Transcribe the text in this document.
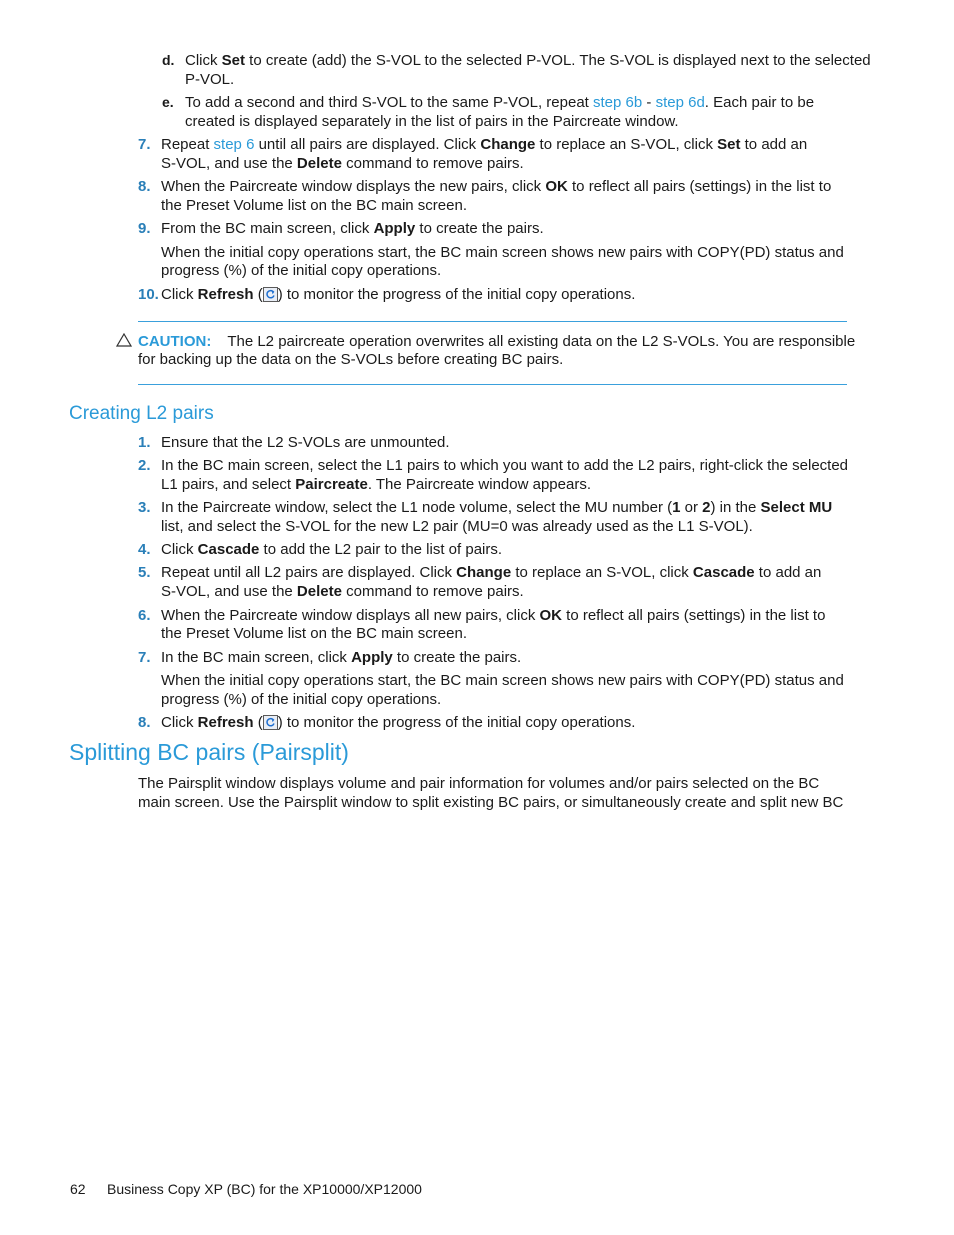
d. Click Set to create (add) the S-VOL to the selected P-VOL. The S-VOL is displayed next to the selected
P-VOL.
e. To add a second and third S-VOL to the same P-VOL, repeat step 6b - step 6d. Each pair to be
created is displayed separately in the list of pairs in the Paircreate window.
7. Repeat step 6 until all pairs are displayed. Click Change to replace an S-VOL, click Set to add an
S-VOL, and use the Delete command to remove pairs.
8. When the Paircreate window displays the new pairs, click OK to reflect all pairs (settings) in the list to
the Preset Volume list on the BC main screen.
9. From the BC main screen, click Apply to create the pairs.
When the initial copy operations start, the BC main screen shows new pairs with COPY(PD) status and
progress (%) of the initial copy operations.
10. Click Refresh ( ) to monitor the progress of the initial copy operations.
CAUTION: The L2 paircreate operation overwrites all existing data on the L2 S-VOLs. You are responsible
for backing up the data on the S-VOLs before creating BC pairs.
Creating L2 pairs
1. Ensure that the L2 S-VOLs are unmounted.
2. In the BC main screen, select the L1 pairs to which you want to add the L2 pairs, right-click the selected
L1 pairs, and select Paircreate. The Paircreate window appears.
3. In the Paircreate window, select the L1 node volume, select the MU number (1 or 2) in the Select MU
list, and select the S-VOL for the new L2 pair (MU=0 was already used as the L1 S-VOL).
4. Click Cascade to add the L2 pair to the list of pairs.
5. Repeat until all L2 pairs are displayed. Click Change to replace an S-VOL, click Cascade to add an
S-VOL, and use the Delete command to remove pairs.
6. When the Paircreate window displays all new pairs, click OK to reflect all pairs (settings) in the list to
the Preset Volume list on the BC main screen.
7. In the BC main screen, click Apply to create the pairs.
When the initial copy operations start, the BC main screen shows new pairs with COPY(PD) status and
progress (%) of the initial copy operations.
8. Click Refresh ( ) to monitor the progress of the initial copy operations.
Splitting BC pairs (Pairsplit)
The Pairsplit window displays volume and pair information for volumes and/or pairs selected on the BC
main screen. Use the Pairsplit window to split existing BC pairs, or simultaneously create and split new BC
62 Business Copy XP (BC) for the XP10000/XP12000
